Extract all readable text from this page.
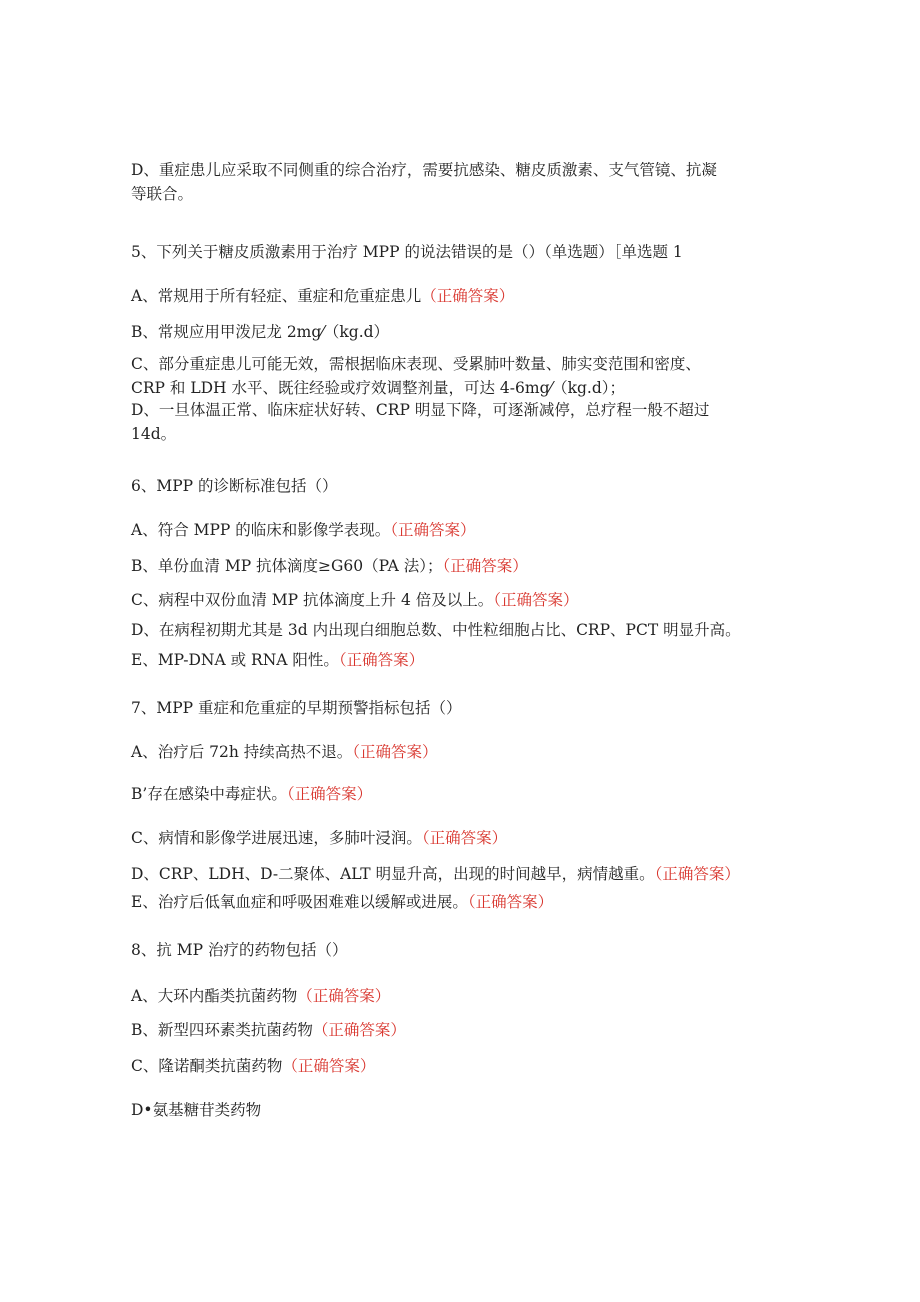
D、重症患儿应采取不同侧重的综合治疗，需要抗感染、糖皮质激素、支气管镜、抗凝
等联合。
5、下列关于糖皮质激素用于治疗 MPP 的说法错误的是（）（单选题）［单选题 1
A、常规用于所有轻症、重症和危重症患儿（正确答案）
B、常规应用甲泼尼龙 2mg⁄（kg.d）
C、部分重症患儿可能无效，需根据临床表现、受累肺叶数量、肺实变范围和密度、
CRP 和 LDH 水平、既往经验或疗效调整剂量，可达 4-6mg⁄（kg.d）；
D、一旦体温正常、临床症状好转、CRP 明显下降，可逐渐减停，总疗程一般不超过
14d。
6、MPP 的诊断标准包括（）
A、符合 MPP 的临床和影像学表现。（正确答案）
B、单份血清 MP 抗体滴度≥G60（PA 法）；（正确答案）
C、病程中双份血清 MP 抗体滴度上升 4 倍及以上。（正确答案）
D、在病程初期尤其是 3d 内出现白细胞总数、中性粒细胞占比、CRP、PCT 明显升高。
E、MP-DNA 或 RNA 阳性。（正确答案）
7、MPP 重症和危重症的早期预警指标包括（）
A、治疗后 72h 持续高热不退。（正确答案）
B’存在感染中毒症状。（正确答案）
C、病情和影像学进展迅速，多肺叶浸润。（正确答案）
D、CRP、LDH、D-二聚体、ALT 明显升高，出现的时间越早，病情越重。（正确答案）
E、治疗后低氧血症和呼吸困难难以缓解或进展。（正确答案）
8、抗 MP 治疗的药物包括（）
A、大环内酯类抗菌药物（正确答案）
B、新型四环素类抗菌药物（正确答案）
C、隆诺酮类抗菌药物（正确答案）
D•氨基糖苷类药物
